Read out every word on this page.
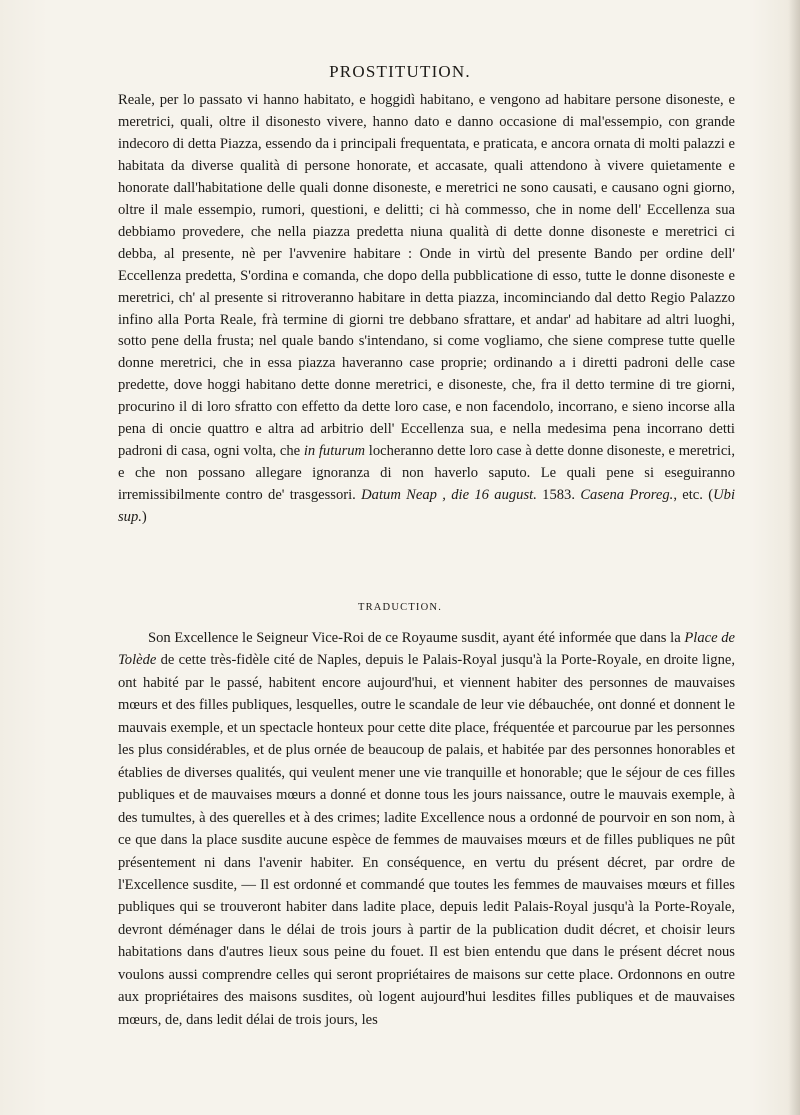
PROSTITUTION.

Reale, per lo passato vi hanno habitato, e hoggidì habitano, e vengono ad habitare persone disoneste, e meretrici, quali, oltre il disonesto vivere, hanno dato e danno occasione di mal'essempio, con grande indecoro di detta Piazza, essendo da i principali frequentata, e praticata, e ancora ornata di molti palazzi e habitata da diverse qualità di persone honorate, et accasate, quali attendono à vivere quietamente e honorate dall'habitatione delle quali donne disoneste, e meretrici ne sono causati, e causano ogni giorno, oltre il male essempio, rumori, questioni, e delitti; ci hà commesso, che in nome dell' Eccellenza sua debbiamo provedere, che nella piazza predetta niuna qualità di dette donne disoneste e meretrici ci debba, al presente, nè per l'avvenire habitare : Onde in virtù del presente Bando per ordine dell' Eccellenza predetta, S'ordina e comanda, che dopo della pubblicatione di esso, tutte le donne disoneste e meretrici, ch' al presente si ritroveranno habitare in detta piazza, incominciando dal detto Regio Palazzo infino alla Porta Reale, frà termine di giorni tre debbano sfrattare, et andar' ad habitare ad altri luoghi, sotto pene della frusta; nel quale bando s'intendano, si come vogliamo, che siene comprese tutte quelle donne meretrici, che in essa piazza haveranno case proprie; ordinando a i diretti padroni delle case predette, dove hoggi habitano dette donne meretrici, e disoneste, che, fra il detto termine di tre giorni, procurino il di loro sfratto con effetto da dette loro case, e non facendolo, incorrano, e sieno incorse alla pena di oncie quattro e altra ad arbitrio dell' Eccellenza sua, e nella medesima pena incorrano detti padroni di casa, ogni volta, che in futurum locheranno dette loro case à dette donne disoneste, e meretrici, e che non possano allegare ignoranza di non haverlo saputo. Le quali pene si eseguiranno irremissibilmente contro de' trasgessori. Datum Neap , die 16 august. 1583. Casena Proreg., etc. (Ubi sup.)

TRADUCTION.

Son Excellence le Seigneur Vice-Roi de ce Royaume susdit, ayant été informée que dans la Place de Tolède de cette très-fidèle cité de Naples, depuis le Palais-Royal jusqu'à la Porte-Royale, en droite ligne, ont habité par le passé, habitent encore aujourd'hui, et viennent habiter des personnes de mauvaises mœurs et des filles publiques, lesquelles, outre le scandale de leur vie débauchée, ont donné et donnent le mauvais exemple, et un spectacle honteux pour cette dite place, fréquentée et parcourue par les personnes les plus considérables, et de plus ornée de beaucoup de palais, et habitée par des personnes honorables et établies de diverses qualités, qui veulent mener une vie tranquille et honorable; que le séjour de ces filles publiques et de mauvaises mœurs a donné et donne tous les jours naissance, outre le mauvais exemple, à des tumultes, à des querelles et à des crimes; ladite Excellence nous a ordonné de pourvoir en son nom, à ce que dans la place susdite aucune espèce de femmes de mauvaises mœurs et de filles publiques ne pût présentement ni dans l'avenir habiter. En conséquence, en vertu du présent décret, par ordre de l'Excellence susdite, — Il est ordonné et commandé que toutes les femmes de mauvaises mœurs et filles publiques qui se trouveront habiter dans ladite place, depuis ledit Palais-Royal jusqu'à la Porte-Royale, devront déménager dans le délai de trois jours à partir de la publication dudit décret, et choisir leurs habitations dans d'autres lieux sous peine du fouet. Il est bien entendu que dans le présent décret nous voulons aussi comprendre celles qui seront propriétaires de maisons sur cette place. Ordonnons en outre aux propriétaires des maisons susdites, où logent aujourd'hui lesdites filles publiques et de mauvaises mœurs, de, dans ledit délai de trois jours, les
